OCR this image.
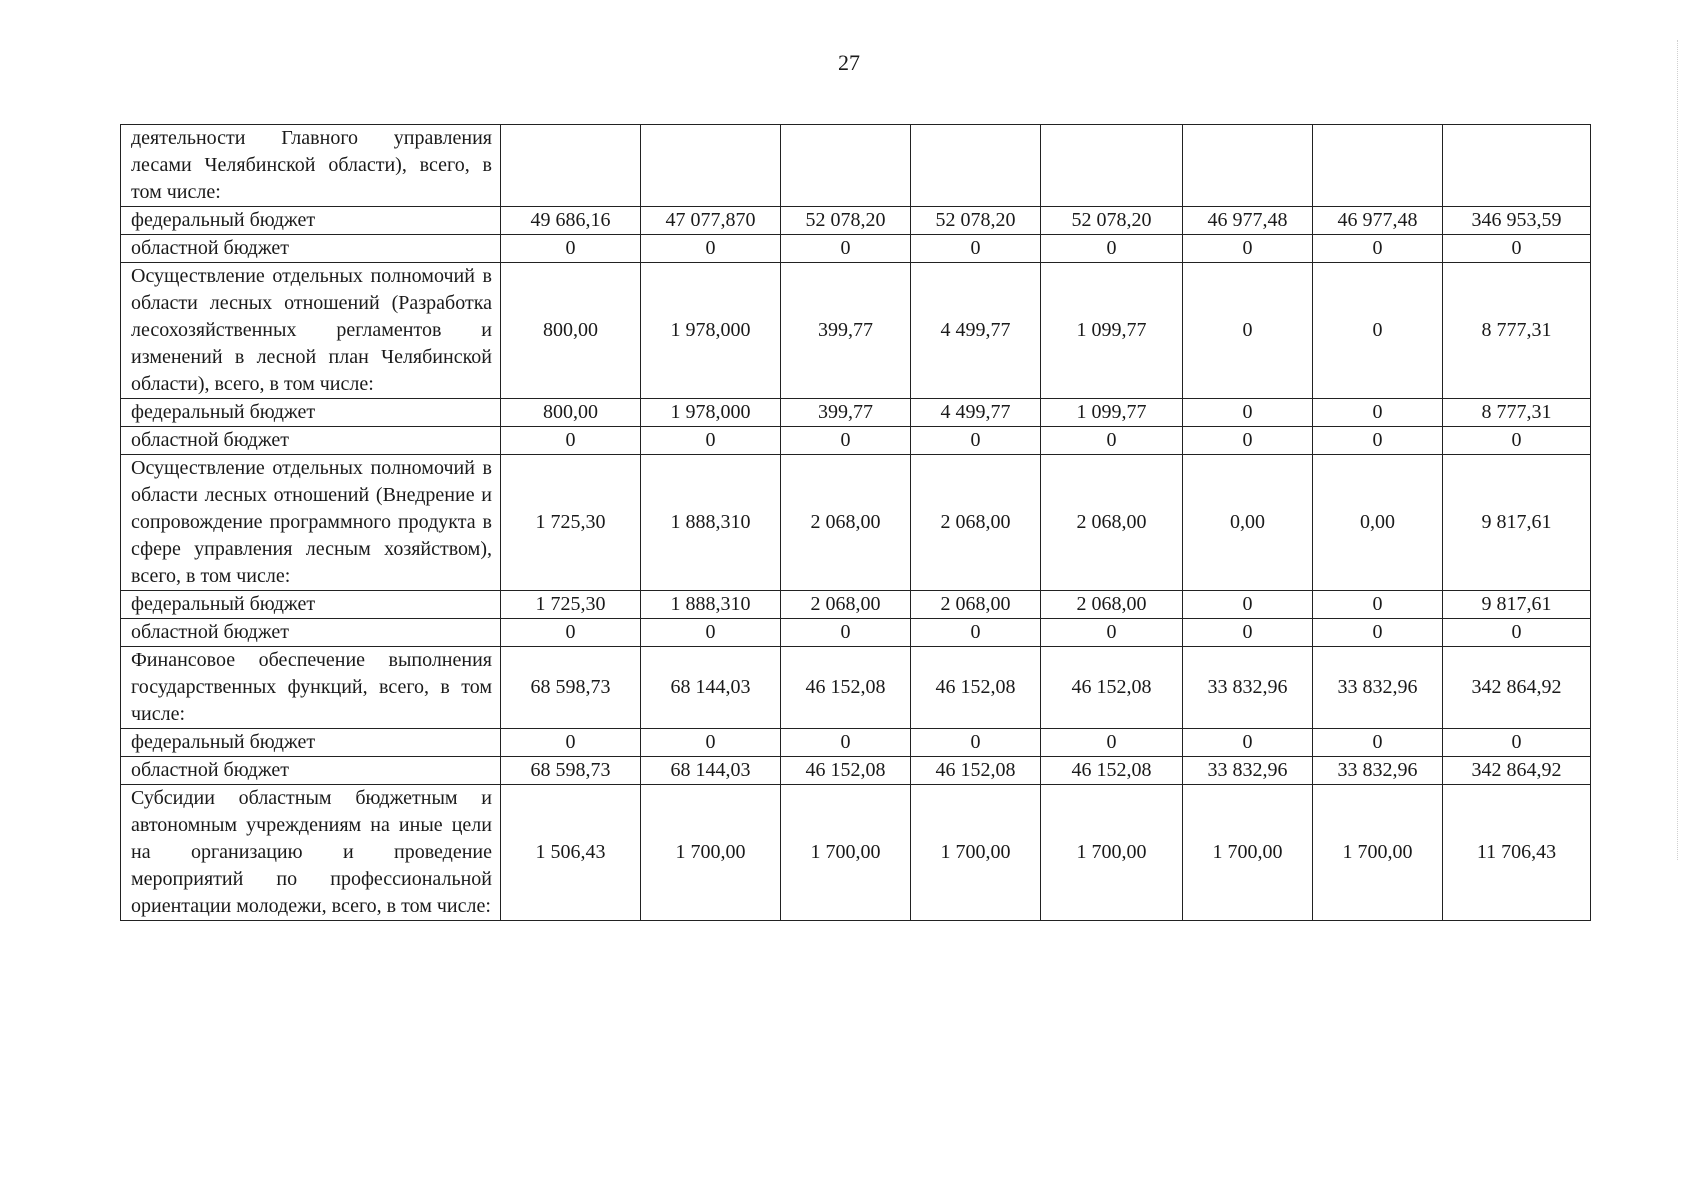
27
деятельности Главного управления лесами Челябинской области), всего, в том числе:								
федеральный бюджет	49 686,16	47 077,870	52 078,20	52 078,20	52 078,20	46 977,48	46 977,48	346 953,59
областной бюджет	0	0	0	0	0	0	0	0
Осуществление отдельных полномочий в области лесных отношений (Разработка лесохозяйственных регламентов и изменений в лесной план Челябинской области), всего, в том числе:	800,00	1 978,000	399,77	4 499,77	1 099,77	0	0	8 777,31
федеральный бюджет	800,00	1 978,000	399,77	4 499,77	1 099,77	0	0	8 777,31
областной бюджет	0	0	0	0	0	0	0	0
Осуществление отдельных полномочий в области лесных отношений (Внедрение и сопровождение программного продукта в сфере управления лесным хозяйством), всего, в том числе:	1 725,30	1 888,310	2 068,00	2 068,00	2 068,00	0,00	0,00	9 817,61
федеральный бюджет	1 725,30	1 888,310	2 068,00	2 068,00	2 068,00	0	0	9 817,61
областной бюджет	0	0	0	0	0	0	0	0
Финансовое обеспечение выполнения государственных функций, всего, в том числе:	68 598,73	68 144,03	46 152,08	46 152,08	46 152,08	33 832,96	33 832,96	342 864,92
федеральный бюджет	0	0	0	0	0	0	0	0
областной бюджет	68 598,73	68 144,03	46 152,08	46 152,08	46 152,08	33 832,96	33 832,96	342 864,92
Субсидии областным бюджетным и автономным учреждениям на иные цели на организацию и проведение мероприятий по профессиональной ориентации молодежи, всего, в том числе:	1 506,43	1 700,00	1 700,00	1 700,00	1 700,00	1 700,00	1 700,00	11 706,43
